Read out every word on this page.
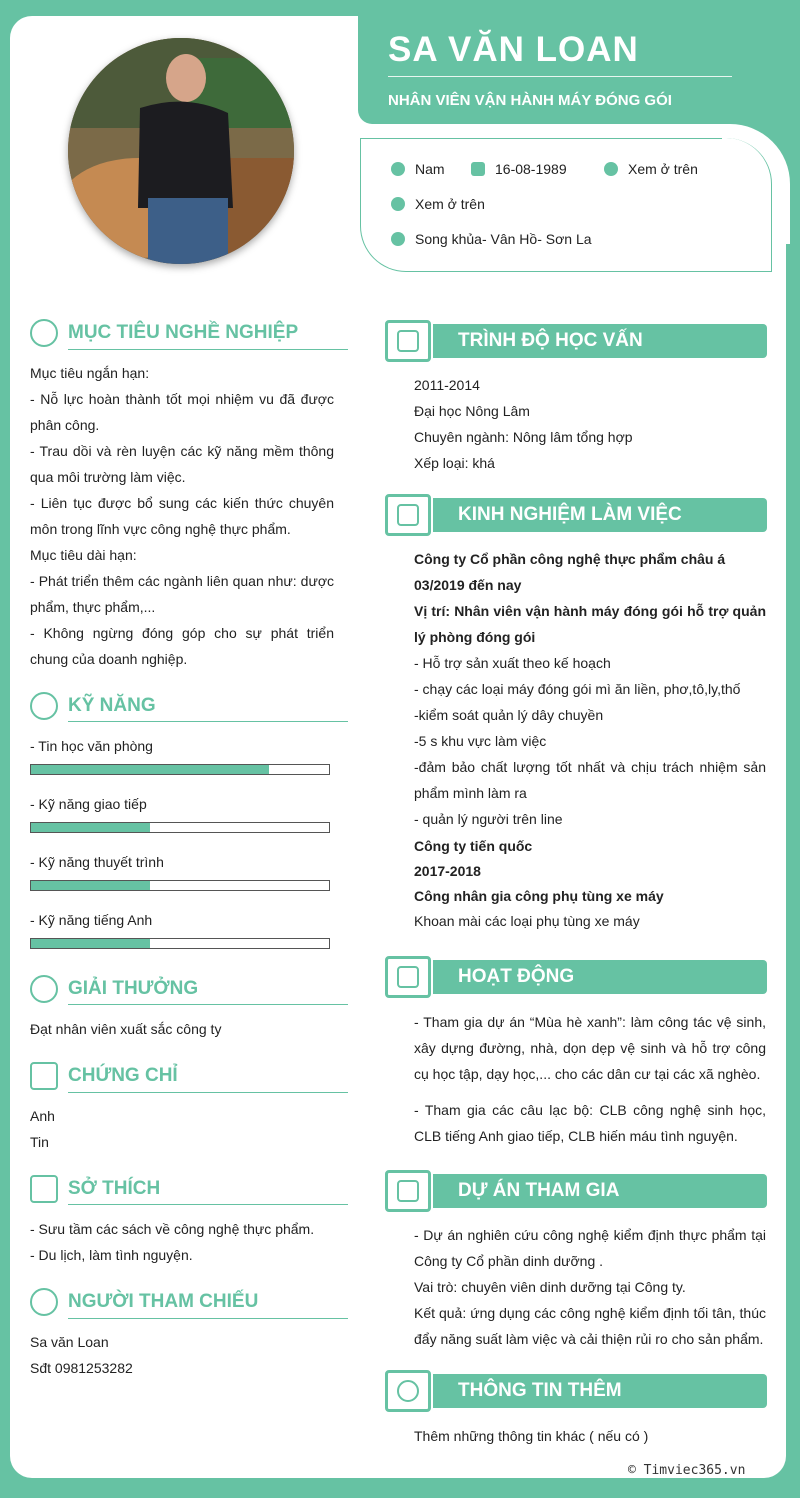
SA VĂN LOAN
NHÂN VIÊN VẬN HÀNH MÁY ĐÓNG GÓI
Nam	16-08-1989	Xem ở trên
Xem ở trên
Song khủa- Vân Hồ- Sơn La
MỤC TIÊU NGHỀ NGHIỆP
Mục tiêu ngắn hạn:
- Nỗ lực hoàn thành tốt mọi nhiệm vu đã được phân công.
- Trau dồi và rèn luyện các kỹ năng mềm thông qua môi trường làm việc.
- Liên tục được bổ sung các kiến thức chuyên môn trong lĩnh vực công nghệ thực phẩm.
Mục tiêu dài hạn:
- Phát triển thêm các ngành liên quan như: dược phẩm, thực phẩm,...
- Không ngừng đóng góp cho sự phát triển chung của doanh nghiệp.
KỸ NĂNG
- Tin học văn phòng
- Kỹ năng giao tiếp
- Kỹ năng thuyết trình
- Kỹ năng tiếng Anh
GIẢI THƯỞNG
Đạt nhân viên xuất sắc công ty
CHỨNG CHỈ
Anh
Tin
SỞ THÍCH
- Sưu tầm các sách về công nghệ thực phẩm.
- Du lịch, làm tình nguyện.
NGƯỜI THAM CHIẾU
Sa văn Loan
Sđt 0981253282
TRÌNH ĐỘ HỌC VẤN
2011-2014
Đại học Nông Lâm
Chuyên ngành: Nông lâm tổng hợp
Xếp loại: khá
KINH NGHIỆM LÀM VIỆC
Công ty Cổ phần công nghệ thực phẩm châu á
03/2019 đến nay
Vị trí: Nhân viên vận hành máy đóng gói hỗ trợ quản lý phòng đóng gói
- Hỗ trợ sản xuất theo kế hoạch
- chạy các loại máy đóng gói mì ăn liền, phơ,tô,ly,thố
-kiểm soát quản lý dây chuyền
-5 s khu vực làm việc
-đảm bảo chất lượng tốt nhất và chịu trách nhiệm sản phẩm mình làm ra
- quản lý người trên line
Công ty tiến quốc
2017-2018
Công nhân gia công phụ tùng xe máy
Khoan mài các loại phụ tùng xe máy
HOẠT ĐỘNG
- Tham gia dự án “Mùa hè xanh”: làm công tác vệ sinh, xây dựng đường, nhà, dọn dẹp vệ sinh và hỗ trợ công cụ học tập, dạy học,... cho các dân cư tại các xã nghèo.
- Tham gia các câu lạc bộ: CLB công nghệ sinh học, CLB tiếng Anh giao tiếp, CLB hiến máu tình nguyện.
DỰ ÁN THAM GIA
- Dự án nghiên cứu công nghệ kiểm định thực phẩm tại Công ty Cổ phần dinh dưỡng .
Vai trò: chuyên viên dinh dưỡng tại Công ty.
Kết quả: ứng dụng các công nghệ kiểm định tối tân, thúc đẩy năng suất làm việc và cải thiện rủi ro cho sản phẩm.
THÔNG TIN THÊM
Thêm những thông tin khác ( nếu có )
© Timviec365.vn
